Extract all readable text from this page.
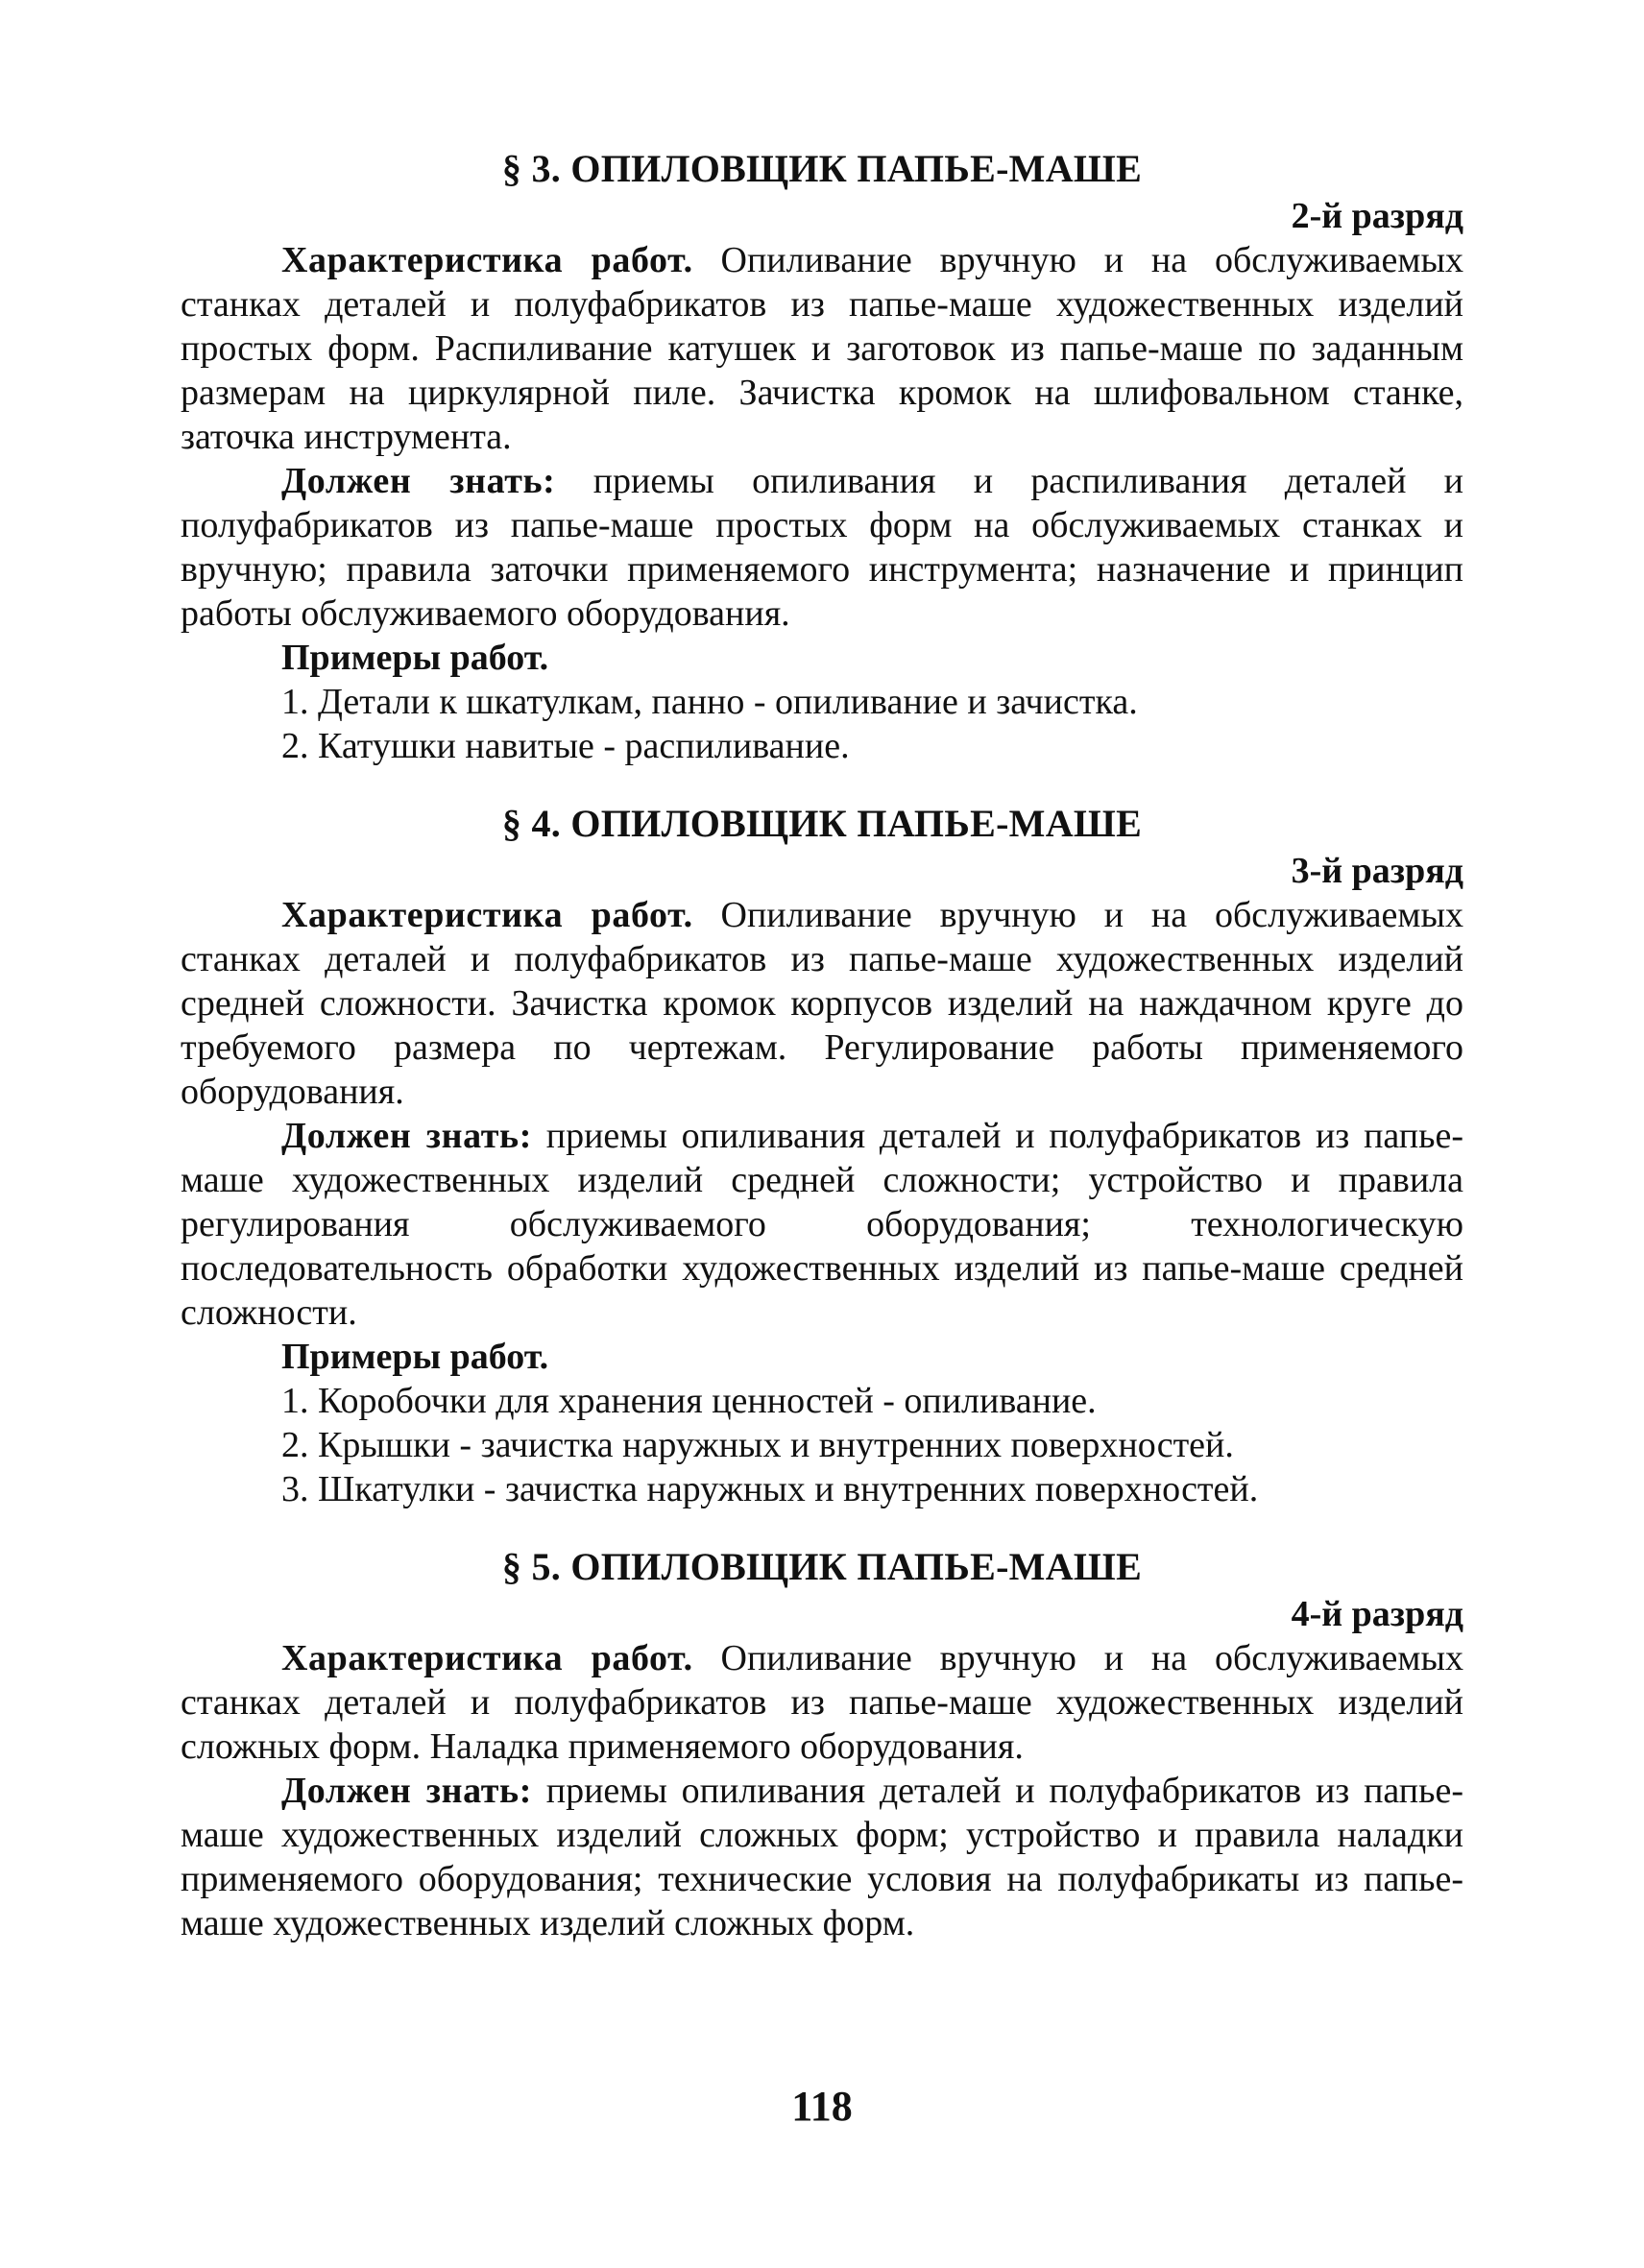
§ 3. ОПИЛОВЩИК ПАПЬЕ-МАШЕ

2-й разряд

Характеристика работ. Опиливание вручную и на обслуживаемых станках деталей и полуфабрикатов из папье-маше художественных изделий простых форм. Распиливание катушек и заготовок из папье-маше по заданным размерам на циркулярной пиле. Зачистка кромок на шлифовальном станке, заточка инструмента.

Должен знать: приемы опиливания и распиливания деталей и полуфабрикатов из папье-маше простых форм на обслуживаемых станках и вручную; правила заточки применяемого инструмента; назначение и принцип работы обслуживаемого оборудования.

Примеры работ.

1. Детали к шкатулкам, панно - опиливание и зачистка.
2. Катушки навитые - распиливание.

§ 4. ОПИЛОВЩИК ПАПЬЕ-МАШЕ

3-й разряд

Характеристика работ. Опиливание вручную и на обслуживаемых станках деталей и полуфабрикатов из папье-маше художественных изделий средней сложности. Зачистка кромок корпусов изделий на наждачном круге до требуемого размера по чертежам. Регулирование работы применяемого оборудования.

Должен знать: приемы опиливания деталей и полуфабрикатов из папье-маше художественных изделий средней сложности; устройство и правила регулирования обслуживаемого оборудования; технологическую последовательность обработки художественных изделий из папье-маше средней сложности.

Примеры работ.

1. Коробочки для хранения ценностей - опиливание.
2. Крышки - зачистка наружных и внутренних поверхностей.
3. Шкатулки - зачистка наружных и внутренних поверхностей.

§ 5. ОПИЛОВЩИК ПАПЬЕ-МАШЕ

4-й разряд

Характеристика работ. Опиливание вручную и на обслуживаемых станках деталей и полуфабрикатов из папье-маше художественных изделий сложных форм. Наладка применяемого оборудования.

Должен знать: приемы опиливания деталей и полуфабрикатов из папье-маше художественных изделий сложных форм; устройство и правила наладки применяемого оборудования; технические условия на полуфабрикаты из папье-маше художественных изделий сложных форм.

118
